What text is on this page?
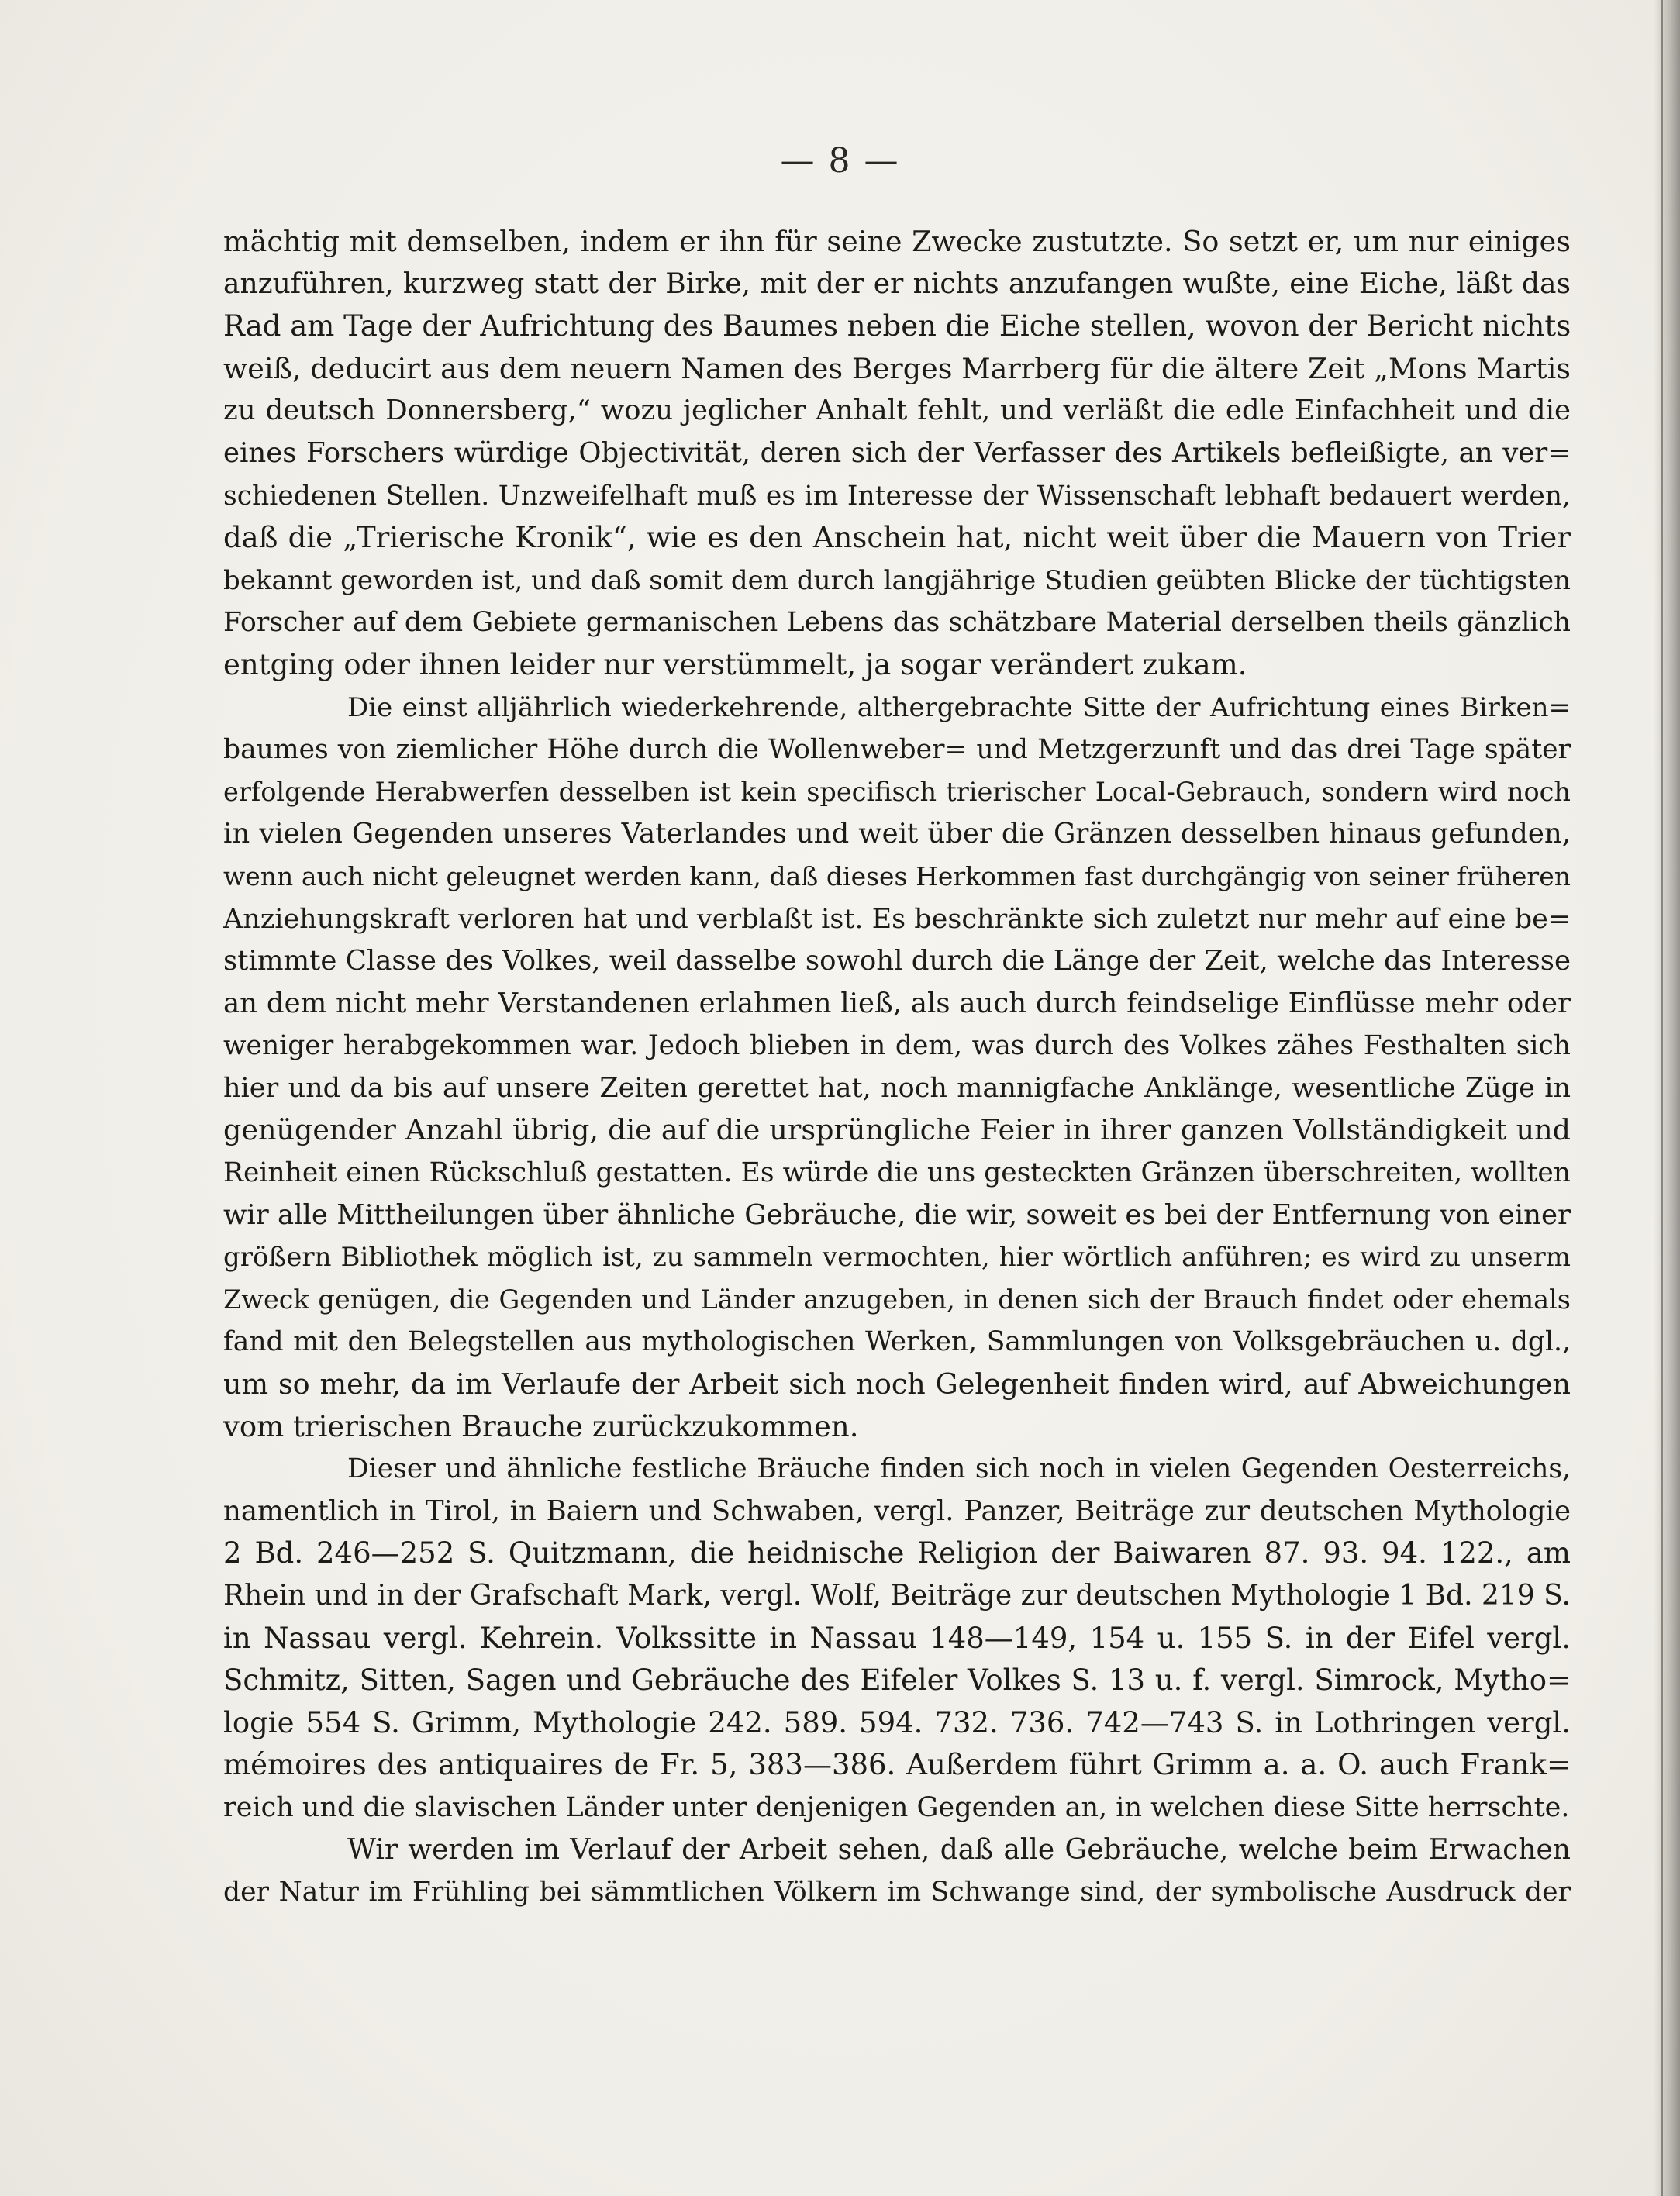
— 8 —
mächtig mit demselben, indem er ihn für seine Zwecke zustutzte. So setzt er, um nur einiges
anzuführen, kurzweg statt der Birke, mit der er nichts anzufangen wußte, eine Eiche, läßt das
Rad am Tage der Aufrichtung des Baumes neben die Eiche stellen, wovon der Bericht nichts
weiß, deducirt aus dem neuern Namen des Berges Marrberg für die ältere Zeit „Mons Martis
zu deutsch Donnersberg,“ wozu jeglicher Anhalt fehlt, und verläßt die edle Einfachheit und die
eines Forschers würdige Objectivität, deren sich der Verfasser des Artikels befleißigte, an ver=
schiedenen Stellen. Unzweifelhaft muß es im Interesse der Wissenschaft lebhaft bedauert werden,
daß die „Trierische Kronik“, wie es den Anschein hat, nicht weit über die Mauern von Trier
bekannt geworden ist, und daß somit dem durch langjährige Studien geübten Blicke der tüchtigsten
Forscher auf dem Gebiete germanischen Lebens das schätzbare Material derselben theils gänzlich
entging oder ihnen leider nur verstümmelt, ja sogar verändert zukam.
Die einst alljährlich wiederkehrende, althergebrachte Sitte der Aufrichtung eines Birken=
baumes von ziemlicher Höhe durch die Wollenweber= und Metzgerzunft und das drei Tage später
erfolgende Herabwerfen desselben ist kein specifisch trierischer Local-Gebrauch, sondern wird noch
in vielen Gegenden unseres Vaterlandes und weit über die Gränzen desselben hinaus gefunden,
wenn auch nicht geleugnet werden kann, daß dieses Herkommen fast durchgängig von seiner früheren
Anziehungskraft verloren hat und verblaßt ist. Es beschränkte sich zuletzt nur mehr auf eine be=
stimmte Classe des Volkes, weil dasselbe sowohl durch die Länge der Zeit, welche das Interesse
an dem nicht mehr Verstandenen erlahmen ließ, als auch durch feindselige Einflüsse mehr oder
weniger herabgekommen war. Jedoch blieben in dem, was durch des Volkes zähes Festhalten sich
hier und da bis auf unsere Zeiten gerettet hat, noch mannigfache Anklänge, wesentliche Züge in
genügender Anzahl übrig, die auf die ursprüngliche Feier in ihrer ganzen Vollständigkeit und
Reinheit einen Rückschluß gestatten. Es würde die uns gesteckten Gränzen überschreiten, wollten
wir alle Mittheilungen über ähnliche Gebräuche, die wir, soweit es bei der Entfernung von einer
größern Bibliothek möglich ist, zu sammeln vermochten, hier wörtlich anführen; es wird zu unserm
Zweck genügen, die Gegenden und Länder anzugeben, in denen sich der Brauch findet oder ehemals
fand mit den Belegstellen aus mythologischen Werken, Sammlungen von Volksgebräuchen u. dgl.,
um so mehr, da im Verlaufe der Arbeit sich noch Gelegenheit finden wird, auf Abweichungen
vom trierischen Brauche zurückzukommen.
Dieser und ähnliche festliche Bräuche finden sich noch in vielen Gegenden Oesterreichs,
namentlich in Tirol, in Baiern und Schwaben, vergl. Panzer, Beiträge zur deutschen Mythologie
2 Bd. 246—252 S. Quitzmann, die heidnische Religion der Baiwaren 87. 93. 94. 122., am
Rhein und in der Grafschaft Mark, vergl. Wolf, Beiträge zur deutschen Mythologie 1 Bd. 219 S.
in Nassau vergl. Kehrein. Volkssitte in Nassau 148—149, 154 u. 155 S. in der Eifel vergl.
Schmitz, Sitten, Sagen und Gebräuche des Eifeler Volkes S. 13 u. f. vergl. Simrock, Mytho=
logie 554 S. Grimm, Mythologie 242. 589. 594. 732. 736. 742—743 S. in Lothringen vergl.
mémoires des antiquaires de Fr. 5, 383—386. Außerdem führt Grimm a. a. O. auch Frank=
reich und die slavischen Länder unter denjenigen Gegenden an, in welchen diese Sitte herrschte.
Wir werden im Verlauf der Arbeit sehen, daß alle Gebräuche, welche beim Erwachen
der Natur im Frühling bei sämmtlichen Völkern im Schwange sind, der symbolische Ausdruck der
